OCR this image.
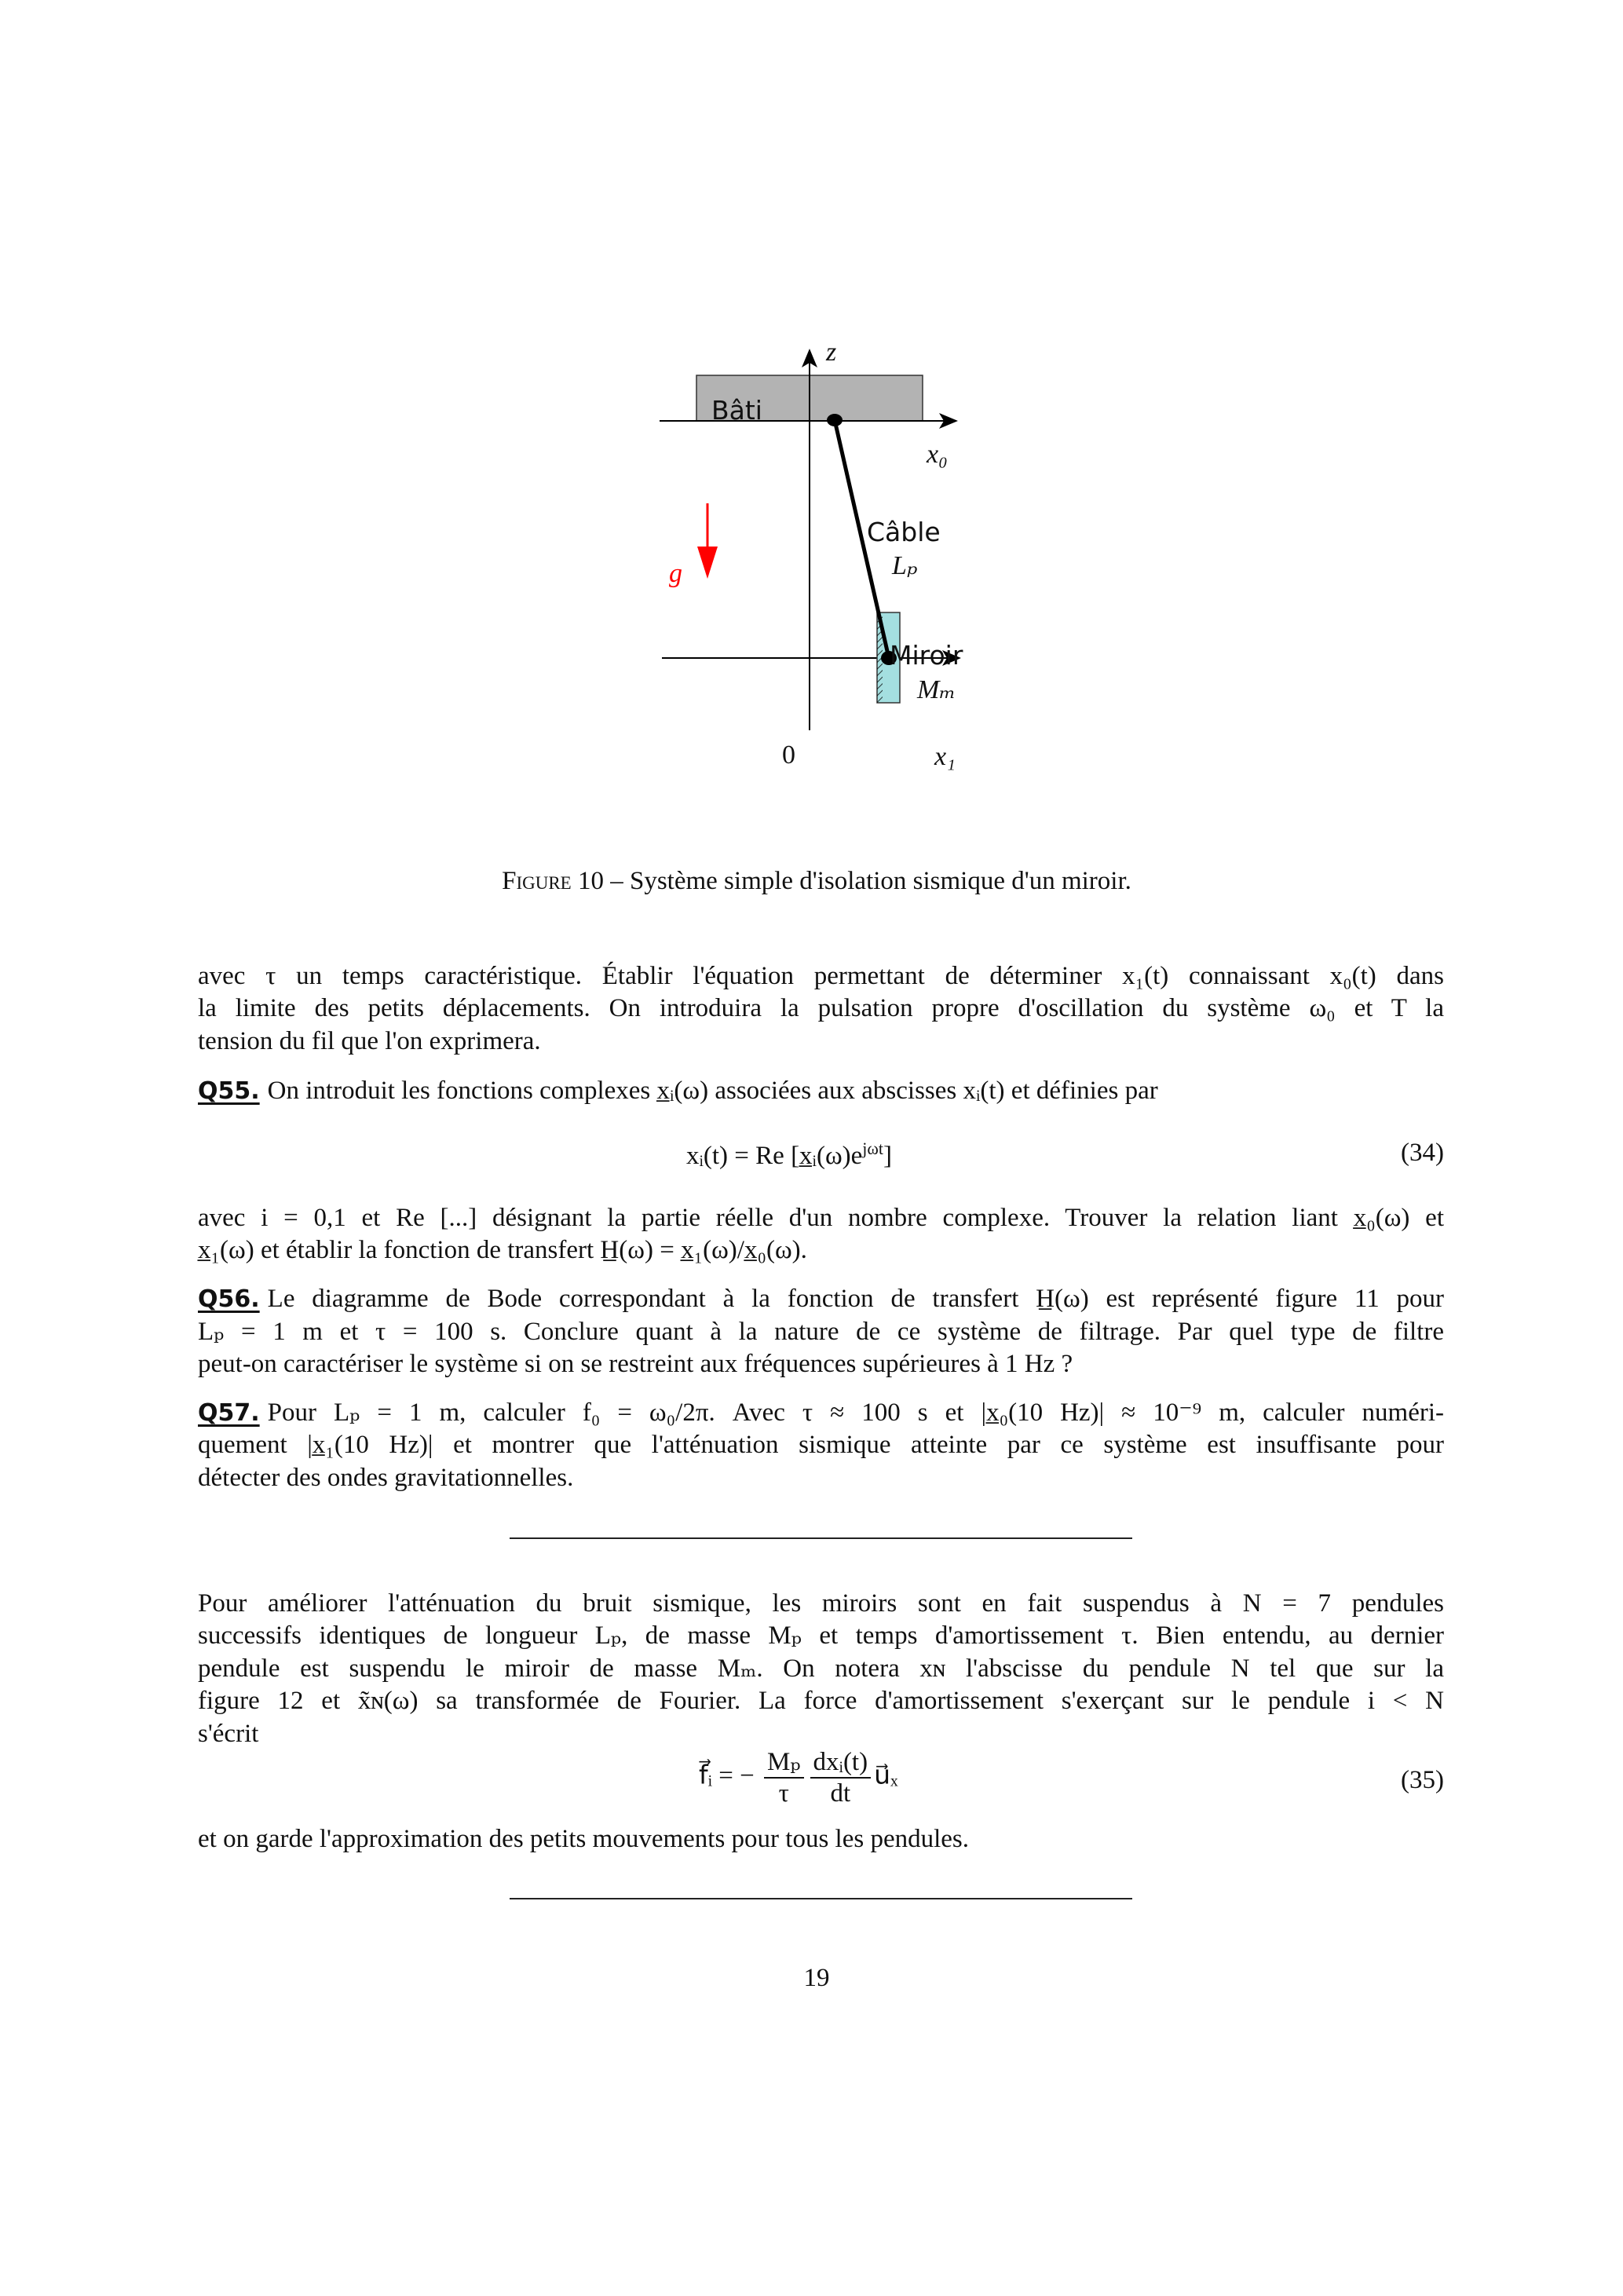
z
Bâti
x₀
Câble
Lₚ
g⃗
Miroir
Mₘ
0	x₁
Figure 10 – Système simple d'isolation sismique d'un miroir.
avec τ un temps caractéristique. Établir l'équation permettant de déterminer x₁(t) connaissant x₀(t) dans
la limite des petits déplacements. On introduira la pulsation propre d'oscillation du système ω₀ et T la
tension du fil que l'on exprimera.
Q55. On introduit les fonctions complexes x̲ᵢ(ω) associées aux abscisses xᵢ(t) et définies par
xᵢ(t) = Re $[x̲ᵢ(\omega)e^{j\omega t}]$	(34)
avec i = 0,1 et Re [...] désignant la partie réelle d'un nombre complexe. Trouver la relation liant x̲₀(ω) et
x̲₁(ω) et établir la fonction de transfert H̲(ω) = x̲₁(ω)/x̲₀(ω).
Q56. Le diagramme de Bode correspondant à la fonction de transfert H̲(ω) est représenté figure 11 pour
Lₚ = 1 m et τ = 100 s. Conclure quant à la nature de ce système de filtrage. Par quel type de filtre
peut-on caractériser le système si on se restreint aux fréquences supérieures à 1 Hz ?
Q57. Pour Lₚ = 1 m, calculer f₀ = ω₀/2π. Avec τ ≈ 100 s et |x̲₀(10 Hz)| ≈ 10⁻⁹ m, calculer numéri-
quement |x̲₁(10 Hz)| et montrer que l'atténuation sismique atteinte par ce système est insuffisante pour
détecter des ondes gravitationnelles.
Pour améliorer l'atténuation du bruit sismique, les miroirs sont en fait suspendus à N = 7 pendules
successifs identiques de longueur Lₚ, de masse Mₚ et temps d'amortissement τ. Bien entendu, au dernier
pendule est suspendu le miroir de masse Mₘ. On notera xɴ l'abscisse du pendule N tel que sur la
figure 12 et x̃ɴ(ω) sa transformée de Fourier. La force d'amortissement s'exerçant sur le pendule i < N
s'écrit
f⃗ᵢ = − $\frac{\text{Mₚ}}{\tau} \frac{\text{dxᵢ(t)}}{dt}$ u⃗ₓ	(35)
et on garde l'approximation des petits mouvements pour tous les pendules.
19
